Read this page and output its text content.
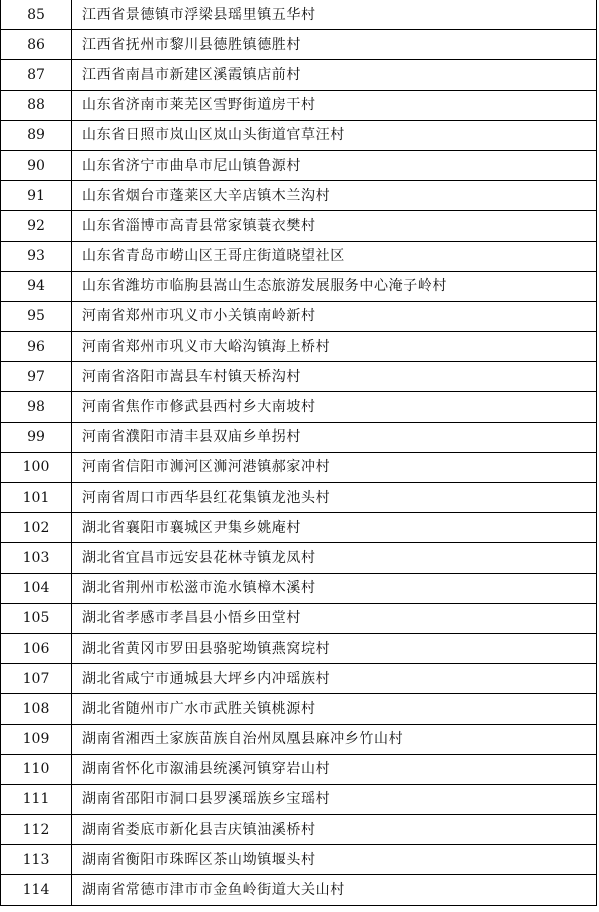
85	江西省景德镇市浮梁县瑶里镇五华村
86	江西省抚州市黎川县德胜镇德胜村
87	江西省南昌市新建区溪霞镇店前村
88	山东省济南市莱芜区雪野街道房干村
89	山东省日照市岚山区岚山头街道官草汪村
90	山东省济宁市曲阜市尼山镇鲁源村
91	山东省烟台市蓬莱区大辛店镇木兰沟村
92	山东省淄博市高青县常家镇蓑衣樊村
93	山东省青岛市崂山区王哥庄街道晓望社区
94	山东省潍坊市临朐县嵩山生态旅游发展服务中心淹子岭村
95	河南省郑州市巩义市小关镇南岭新村
96	河南省郑州市巩义市大峪沟镇海上桥村
97	河南省洛阳市嵩县车村镇天桥沟村
98	河南省焦作市修武县西村乡大南坡村
99	河南省濮阳市清丰县双庙乡单拐村
100	河南省信阳市浉河区浉河港镇郝家冲村
101	河南省周口市西华县红花集镇龙池头村
102	湖北省襄阳市襄城区尹集乡姚庵村
103	湖北省宜昌市远安县花林寺镇龙凤村
104	湖北省荆州市松滋市洈水镇樟木溪村
105	湖北省孝感市孝昌县小悟乡田堂村
106	湖北省黄冈市罗田县骆驼坳镇燕窝垸村
107	湖北省咸宁市通城县大坪乡内冲瑶族村
108	湖北省随州市广水市武胜关镇桃源村
109	湖南省湘西土家族苗族自治州凤凰县麻冲乡竹山村
110	湖南省怀化市溆浦县统溪河镇穿岩山村
111	湖南省邵阳市洞口县罗溪瑶族乡宝瑶村
112	湖南省娄底市新化县吉庆镇油溪桥村
113	湖南省衡阳市珠晖区茶山坳镇堰头村
114	湖南省常德市津市市金鱼岭街道大关山村
